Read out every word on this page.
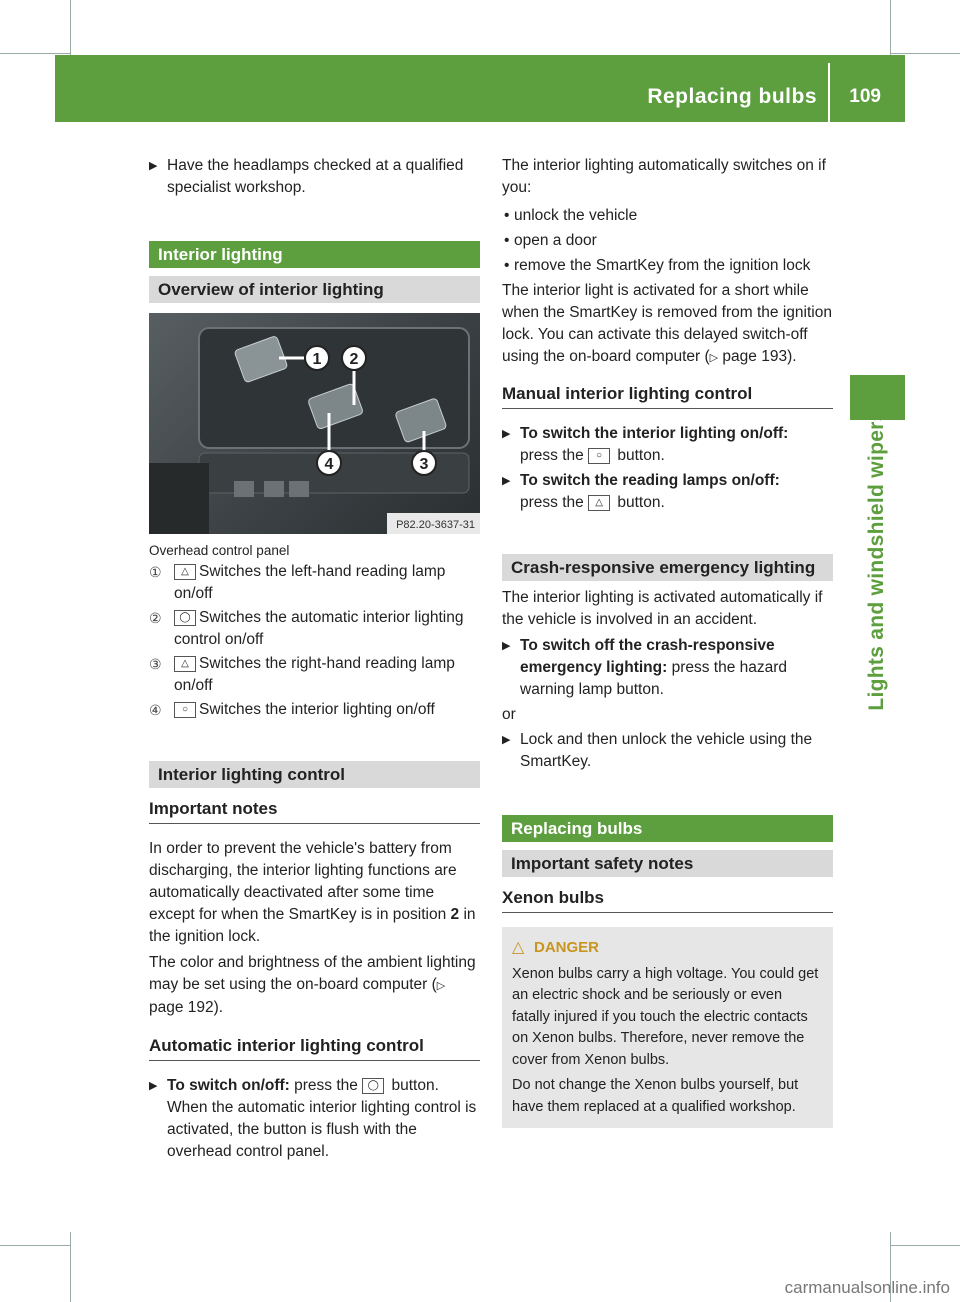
Replacing bulbs 109
Lights and windshield wipers
▶ Have the headlamps checked at a qualified specialist workshop.
Interior lighting
Overview of interior lighting
1 2
3
4
P82.20-3637-31
Overhead control panel
① △ Switches the left-hand reading lamp on/off
② ◯ Switches the automatic interior lighting control on/off
③ △ Switches the right-hand reading lamp on/off
④ ○ Switches the interior lighting on/off
Interior lighting control
Important notes

In order to prevent the vehicle's battery from discharging, the interior lighting functions are automatically deactivated after some time except for when the SmartKey is in position 2 in the ignition lock.

The color and brightness of the ambient lighting may be set using the on-board computer (▷ page 192).

Automatic interior lighting control
▶ To switch on/off: press the ◯ button. When the automatic interior lighting control is activated, the button is flush with the overhead control panel.

The interior lighting automatically switches on if you:

• unlock the vehicle
• open a door
• remove the SmartKey from the ignition lock

The interior light is activated for a short while when the SmartKey is removed from the ignition lock. You can activate this delayed switch-off using the on-board computer (▷ page 193).

Manual interior lighting control
▶ To switch the interior lighting on/off:
press the ○ button.
▶ To switch the reading lamps on/off:
press the △ button.
Crash-responsive emergency lighting

The interior lighting is activated automatically if the vehicle is involved in an accident.

▶ To switch off the crash-responsive emergency lighting: press the hazard warning lamp button.

or

▶ Lock and then unlock the vehicle using the SmartKey.
Replacing bulbs
Important safety notes
Xenon bulbs
△ DANGER

Xenon bulbs carry a high voltage. You could get an electric shock and be seriously or even fatally injured if you touch the electric contacts on Xenon bulbs. Therefore, never remove the cover from Xenon bulbs.

Do not change the Xenon bulbs yourself, but have them replaced at a qualified workshop.

carmanualsonline.info
